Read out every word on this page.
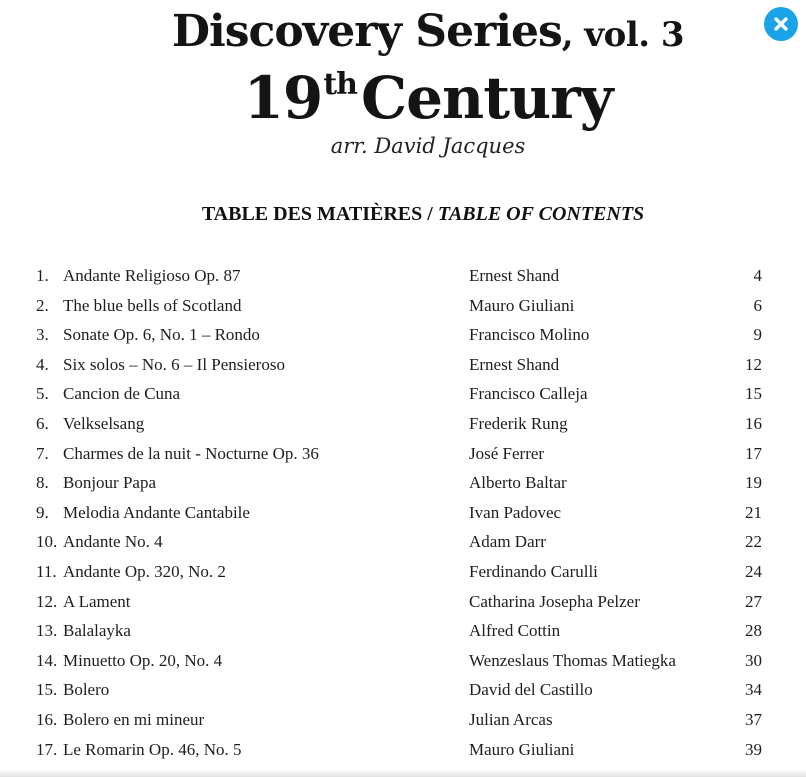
Discovery Series, vol. 3
19thCentury
arr. David Jacques
TABLE DES MATIÈRES / TABLE OF CONTENTS
1. Andante Religioso Op. 87	Ernest Shand	4
2. The blue bells of Scotland	Mauro Giuliani	6
3. Sonate Op. 6, No. 1 – Rondo	Francisco Molino	9
4. Six solos – No. 6 – Il Pensieroso	Ernest Shand	12
5. Cancion de Cuna	Francisco Calleja	15
6. Velkselsang	Frederik Rung	16
7. Charmes de la nuit - Nocturne Op. 36	José Ferrer	17
8. Bonjour Papa	Alberto Baltar	19
9. Melodia Andante Cantabile	Ivan Padovec	21
10. Andante No. 4	Adam Darr	22
11. Andante Op. 320, No. 2	Ferdinando Carulli	24
12. A Lament	Catharina Josepha Pelzer	27
13. Balalayka	Alfred Cottin	28
14. Minuetto Op. 20, No. 4	Wenzeslaus Thomas Matiegka	30
15. Bolero	David del Castillo	34
16. Bolero en mi mineur	Julian Arcas	37
17. Le Romarin Op. 46, No. 5	Mauro Giuliani	39
